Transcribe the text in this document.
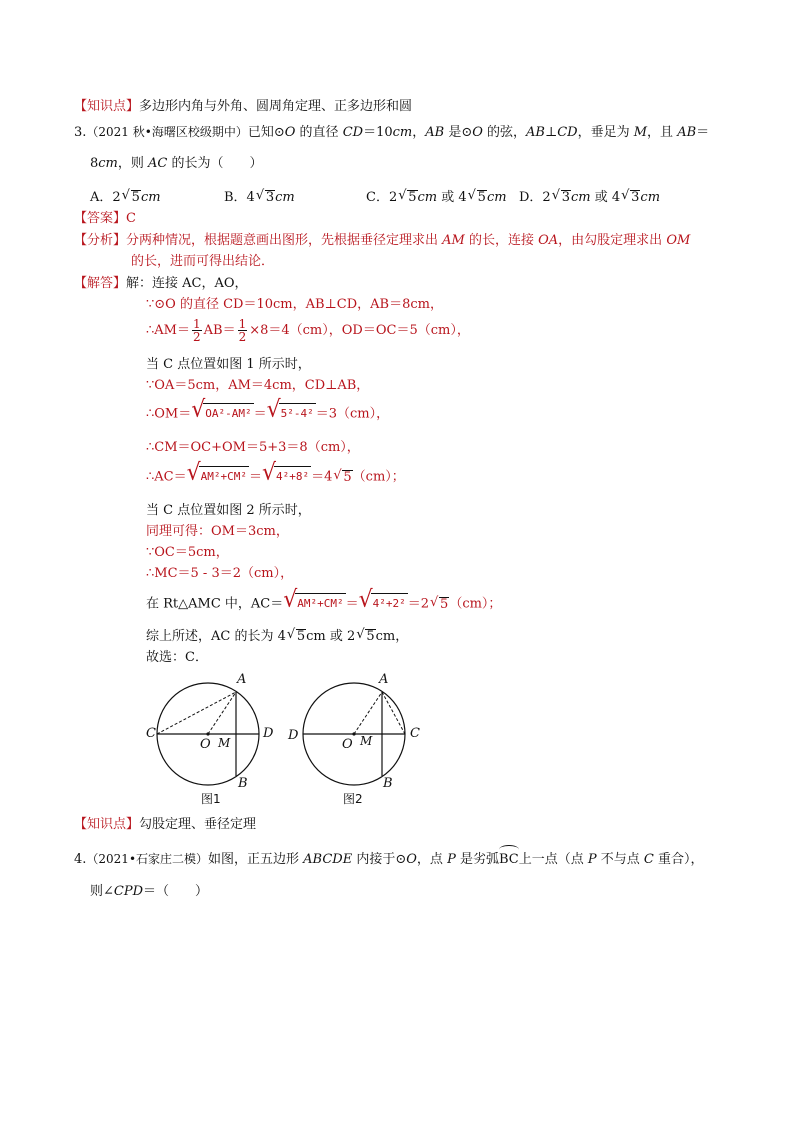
【知识点】多边形内角与外角、圆周角定理、正多边形和圆
3.（2021 秋•海曙区校级期中）已知⊙O 的直径 CD＝10cm，AB 是⊙O 的弦，AB⊥CD，垂足为 M，且 AB＝
8cm，则 AC 的长为（　　）
A．2 √ 5cm	B．4 √ 3cm	C．2 √ 5cm 或 4 √ 5cm D．2 √ 3cm 或 4 √ 3cm
【答案】C
【分析】分两种情况，根据题意画出图形，先根据垂径定理求出 AM 的长，连接 OA，由勾股定理求出 OM
的长，进而可得出结论．
【解答】解：连接 AC，AO，
∵⊙O 的直径 CD＝10cm，AB⊥CD，AB＝8cm，
∴AM＝ $\frac{1}{2} AB= \frac{1}{2} \times 8=4(cm)$，OD＝OC＝5（cm），
当 C 点位置如图 1 所示时，
∵OA＝5cm，AM＝4cm，CD⊥AB，
∴OM＝ √ OA²-AM² ＝ √ 5²-4² ＝3（cm），
∴CM＝OC+OM＝5+3＝8（cm），
∴AC＝ √ AM²+CM² ＝ √ 4²+8² ＝4 √ 5（cm）；
当 C 点位置如图 2 所示时，
同理可得：OM＝3cm，
∵OC＝5cm，
∴MC＝5 - 3＝2（cm），
在 Rt△AMC 中，AC＝ √ AM²+CM² ＝ √ 4²+2² ＝2 √ 5（cm）；
综上所述，AC 的长为 4 √ 5cm 或 2 √ 5cm，
故选：C．
A
C	D
O M
B
图1
A
D	C
O M
B
图2
【知识点】勾股定理、垂径定理
4.（2021•石家庄二模）如图，正五边形 ABCDE 内接于⊙O，点 P 是劣弧BC上一点（点 P 不与点 C 重合），
则∠CPD＝（　　）
